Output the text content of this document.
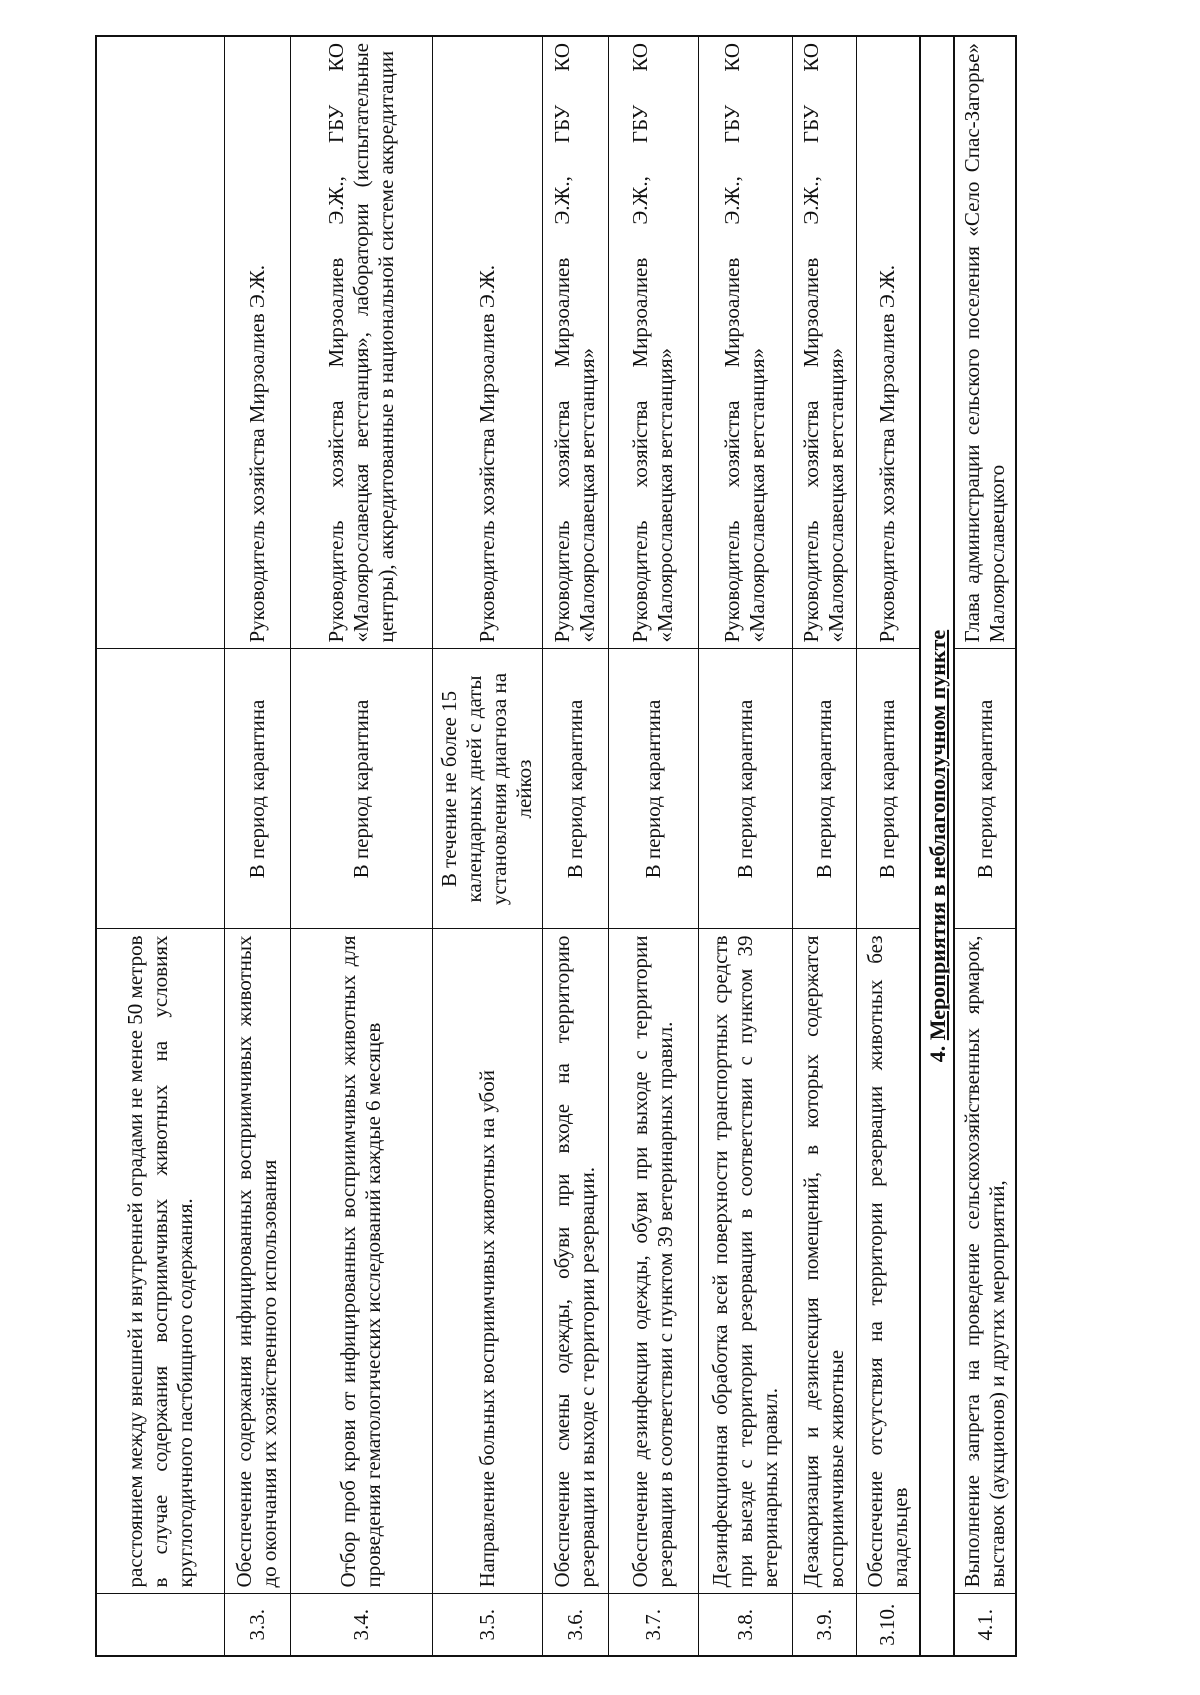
	расстоянием между внешней и внутренней оградами не менее 50 метров в случае содержания восприимчивых животных на условиях круглогодичного пастбищного содержания.		
3.3.	Обеспечение содержания инфицированных восприимчивых животных до окончания их хозяйственного использования	В период карантина	Руководитель хозяйства Мирзоалиев Э.Ж.
3.4.	Отбор проб крови от инфицированных восприимчивых животных для проведения гематологических исследований каждые 6 месяцев	В период карантина	Руководитель хозяйства Мирзоалиев Э.Ж., ГБУ КО «Малоярославецкая ветстанция», лаборатории (испытательные центры), аккредитованные в национальной системе аккредитации
3.5.	Направление больных восприимчивых животных на убой	В течение не более 15 календарных дней с даты установления диагноза на лейкоз	Руководитель хозяйства Мирзоалиев Э.Ж.
3.6.	Обеспечение смены одежды, обуви при входе на территорию резервации и выходе с территории резервации.	В период карантина	Руководитель хозяйства Мирзоалиев Э.Ж., ГБУ КО «Малоярославецкая ветстанция»
3.7.	Обеспечение дезинфекции одежды, обуви при выходе с территории резервации в соответствии с пунктом 39 ветеринарных правил.	В период карантина	Руководитель хозяйства Мирзоалиев Э.Ж., ГБУ КО «Малоярославецкая ветстанция»
3.8.	Дезинфекционная обработка всей поверхности транспортных средств при выезде с территории резервации в соответствии с пунктом 39 ветеринарных правил.	В период карантина	Руководитель хозяйства Мирзоалиев Э.Ж., ГБУ КО «Малоярославецкая ветстанция»
3.9.	Дезакаризация и дезинсекция помещений, в которых содержатся восприимчивые животные	В период карантина	Руководитель хозяйства Мирзоалиев Э.Ж., ГБУ КО «Малоярославецкая ветстанция»
3.10.	Обеспечение отсутствия на территории резервации животных без владельцев	В период карантина	Руководитель хозяйства Мирзоалиев Э.Ж.
4. Мероприятия в неблагополучном пункте			
4.1.	Выполнение запрета на проведение сельскохозяйственных ярмарок, выставок (аукционов) и других мероприятий,	В период карантина	Глава администрации сельского поселения «Село Спас-Загорье» Малоярославецкого
